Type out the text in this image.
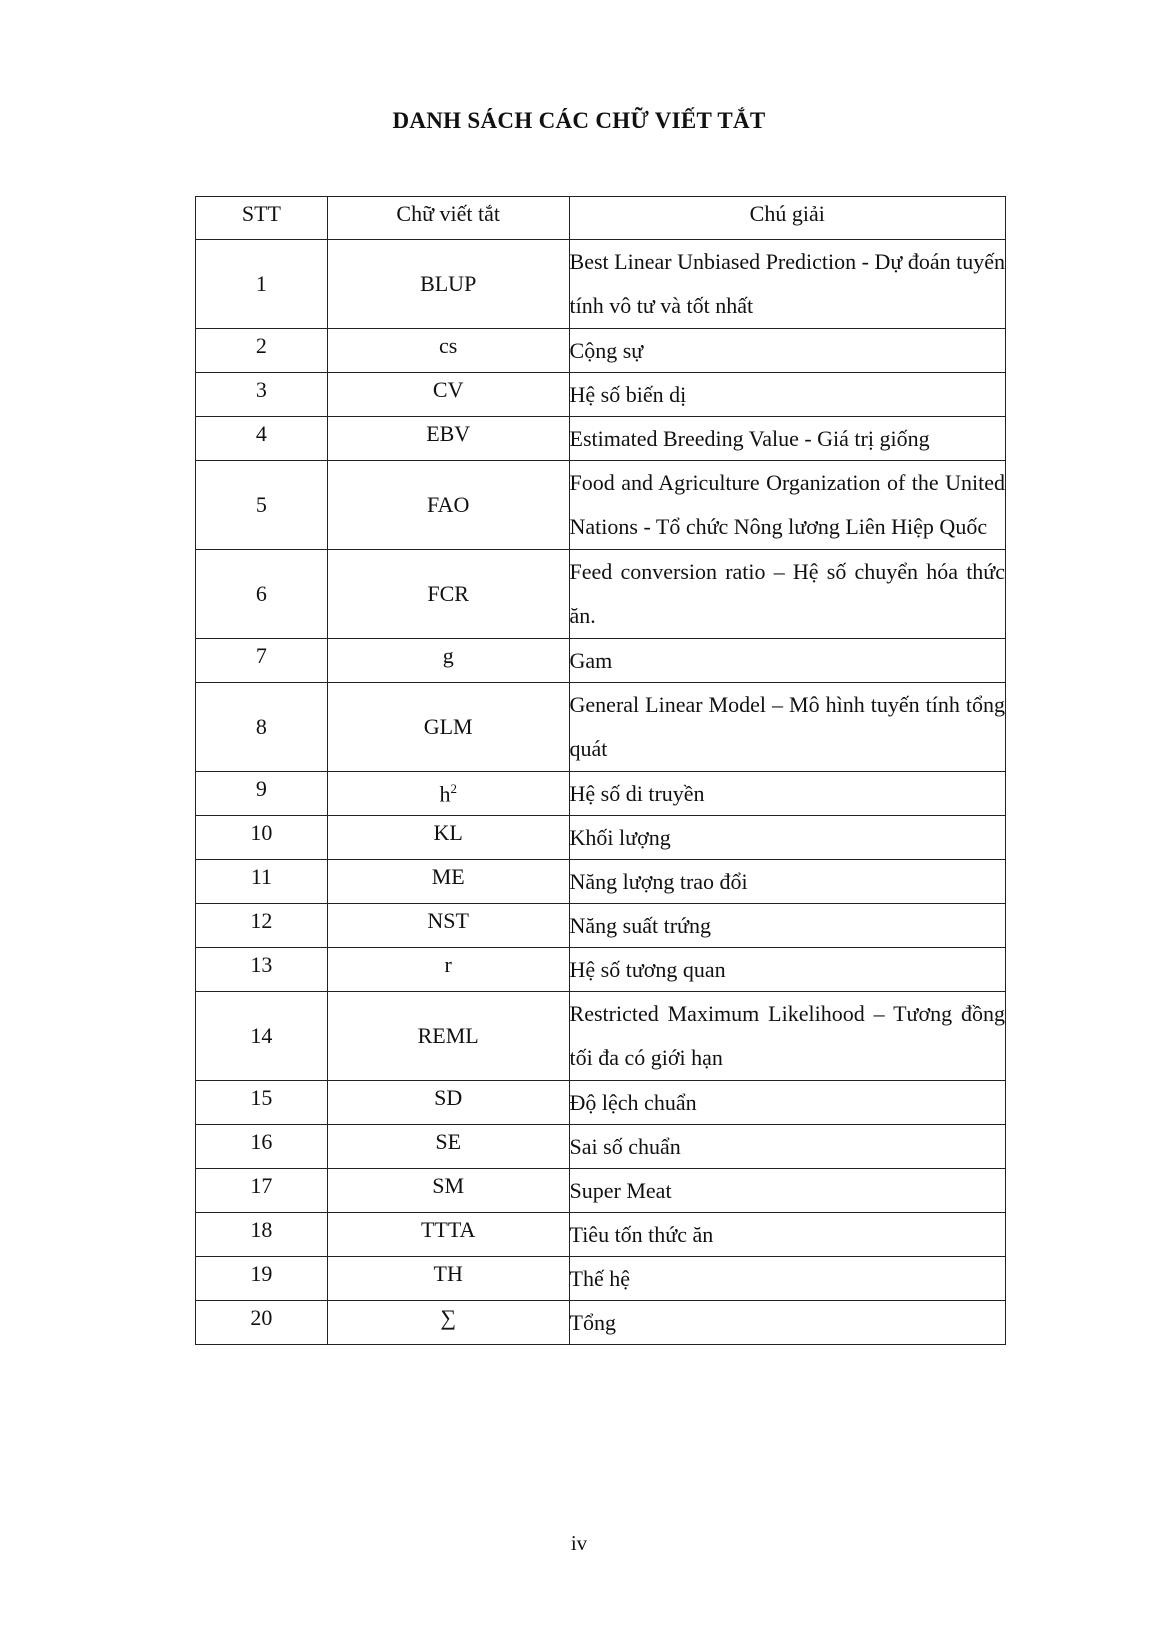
DANH SÁCH CÁC CHỮ VIẾT TẮT
STT	Chữ viết tắt	Chú giải
1	BLUP	Best Linear Unbiased Prediction - Dự đoán tuyến tính vô tư và tốt nhất
2	cs	Cộng sự
3	CV	Hệ số biến dị
4	EBV	Estimated Breeding Value - Giá trị giống
5	FAO	Food and Agriculture Organization of the United Nations - Tổ chức Nông lương Liên Hiệp Quốc
6	FCR	Feed conversion ratio – Hệ số chuyển hóa thức ăn.
7	g	Gam
8	GLM	General Linear Model – Mô hình tuyến tính tổng quát
9	$h^2$	Hệ số di truyền
10	KL	Khối lượng
11	ME	Năng lượng trao đổi
12	NST	Năng suất trứng
13	r	Hệ số tương quan
14	REML	Restricted Maximum Likelihood – Tương đồng tối đa có giới hạn
15	SD	Độ lệch chuẩn
16	SE	Sai số chuẩn
17	SM	Super Meat
18	TTTA	Tiêu tốn thức ăn
19	TH	Thế hệ
20	∑	Tổng
iv
